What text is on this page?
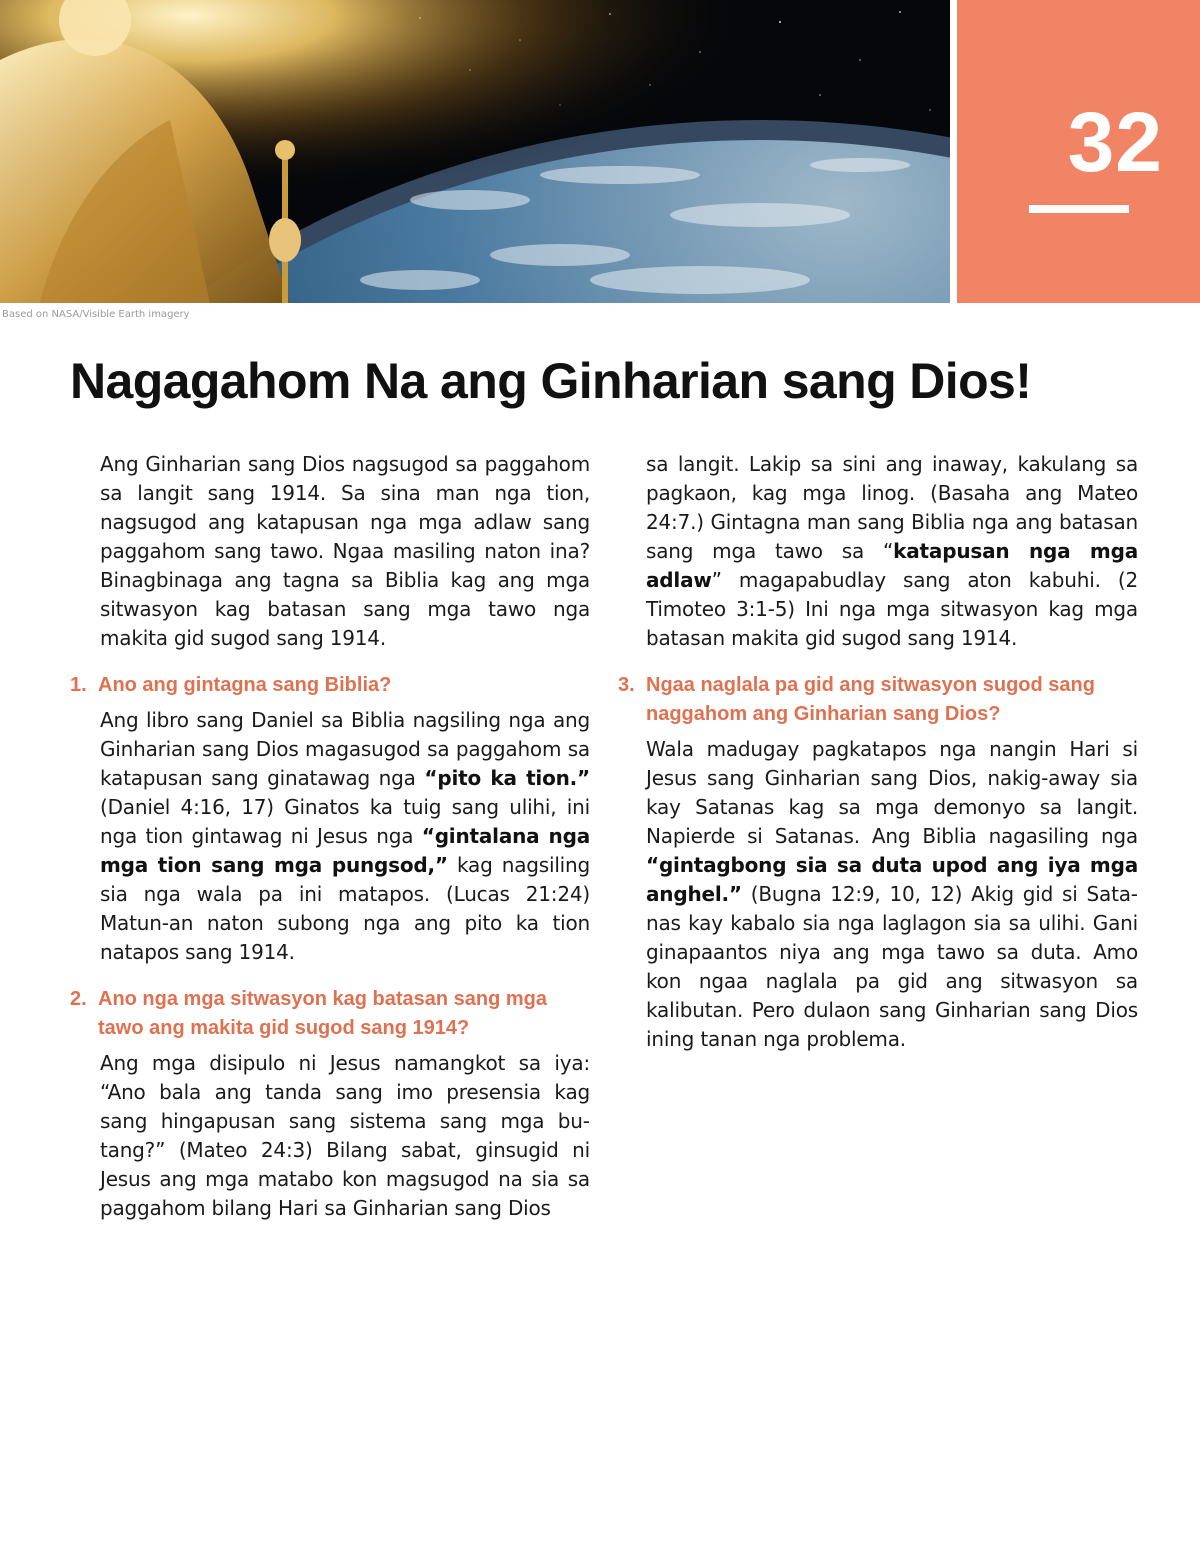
32
Based on NASA/Visible Earth imagery
Nagagahom Na ang Ginharian sang Dios!

Ang Ginharian sang Dios nagsugod sa paggahom sa langit sang 1914. Sa sina man nga tion, nagsugod ang katapusan nga mga adlaw sang paggahom sang tawo. Ngaa masiling naton ina? Binagbinaga ang tagna sa Biblia kag ang mga sitwasyon kag batasan sang mga tawo nga makita gid sugod sang 1914.

1. Ano ang gintagna sang Biblia?

Ang libro sang Daniel sa Biblia nagsiling nga ang Ginharian sang Dios magasugod sa paggahom sa katapusan sang ginatawag nga “pito ka tion.” (Daniel 4:16, 17) Ginatos ka tuig sang ulihi, ini nga tion gintawag ni Jesus nga “gintalana nga mga tion sang mga pungsod,” kag nagsiling sia nga wala pa ini matapos. (Lucas 21:24) Matun-an naton subong nga ang pito ka tion natapos sang 1914.

2. Ano nga mga sitwasyon kag batasan sang mga tawo ang makita gid sugod sang 1914?

Ang mga disipulo ni Jesus namangkot sa iya: “Ano bala ang tanda sang imo presensia kag sang hingapusan sang sistema sang mga butang?” (Mateo 24:3) Bilang sabat, ginsugid ni Jesus ang mga matabo kon magsugod na sia sa paggahom bilang Hari sa Ginharian sang Dios

sa langit. Lakip sa sini ang inaway, kakulang sa pagkaon, kag mga linog. (Basaha ang Mateo 24:7.) Gintagna man sang Biblia nga ang batasan sang mga tawo sa “katapusan nga mga adlaw” magapabudlay sang aton kabuhi. (2 Timoteo 3:1-5) Ini nga mga sitwasyon kag mga batasan makita gid sugod sang 1914.

3. Ngaa naglala pa gid ang sitwasyon sugod sang naggahom ang Ginharian sang Dios?

Wala madugay pagkatapos nga nangin Hari si Jesus sang Ginharian sang Dios, nakig-away sia kay Satanas kag sa mga demonyo sa langit. Napierde si Satanas. Ang Biblia nagasiling nga “gintagbong sia sa duta upod ang iya mga anghel.” (Bugna 12:9, 10, 12) Akig gid si Satanas kay kabalo sia nga laglagon sia sa ulihi. Gani ginapaantos niya ang mga tawo sa duta. Amo kon ngaa naglala pa gid ang sitwasyon sa kalibutan. Pero dulaon sang Ginharian sang Dios ining tanan nga problema.
